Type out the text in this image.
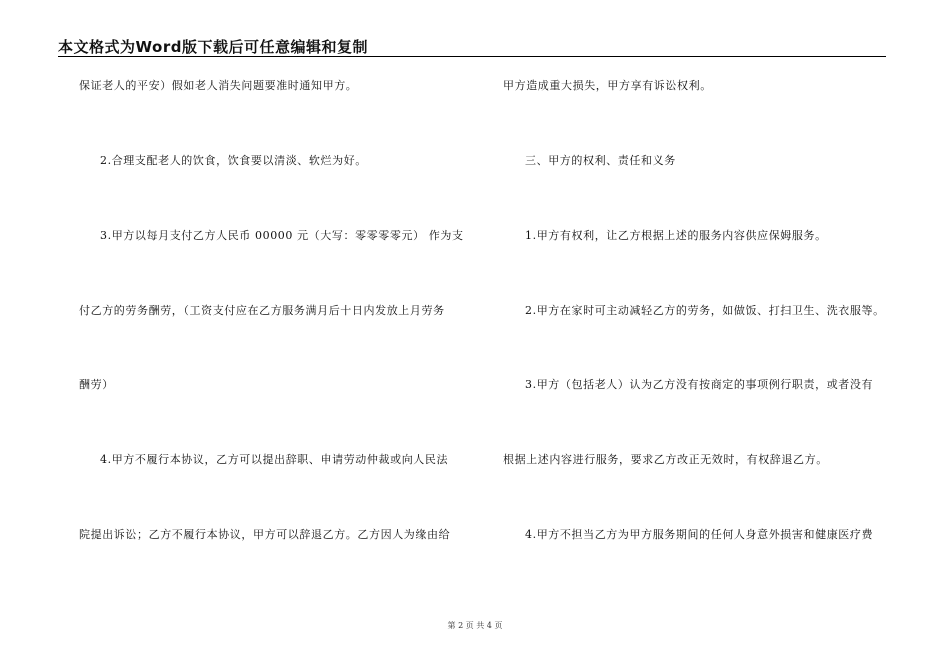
本文格式为Word版下载后可任意编辑和复制
保证老人的平安）假如老人消失问题要准时通知甲方。
2.合理支配老人的饮食，饮食要以清淡、软烂为好。
3.甲方以每月支付乙方人民币 00000 元（大写：零零零零元） 作为支
付乙方的劳务酬劳，（工资支付应在乙方服务满月后十日内发放上月劳务
酬劳）
4.甲方不履行本协议，乙方可以提出辞职、申请劳动仲裁或向人民法
院提出诉讼；乙方不履行本协议，甲方可以辞退乙方。乙方因人为缘由给
甲方造成重大损失，甲方享有诉讼权利。
三、甲方的权利、责任和义务
1.甲方有权利，让乙方根据上述的服务内容供应保姆服务。
2.甲方在家时可主动减轻乙方的劳务，如做饭、打扫卫生、洗衣服等。
3.甲方（包括老人）认为乙方没有按商定的事项例行职责，或者没有
根据上述内容进行服务，要求乙方改正无效时，有权辞退乙方。
4.甲方不担当乙方为甲方服务期间的任何人身意外损害和健康医疗费
第 2 页 共 4 页
